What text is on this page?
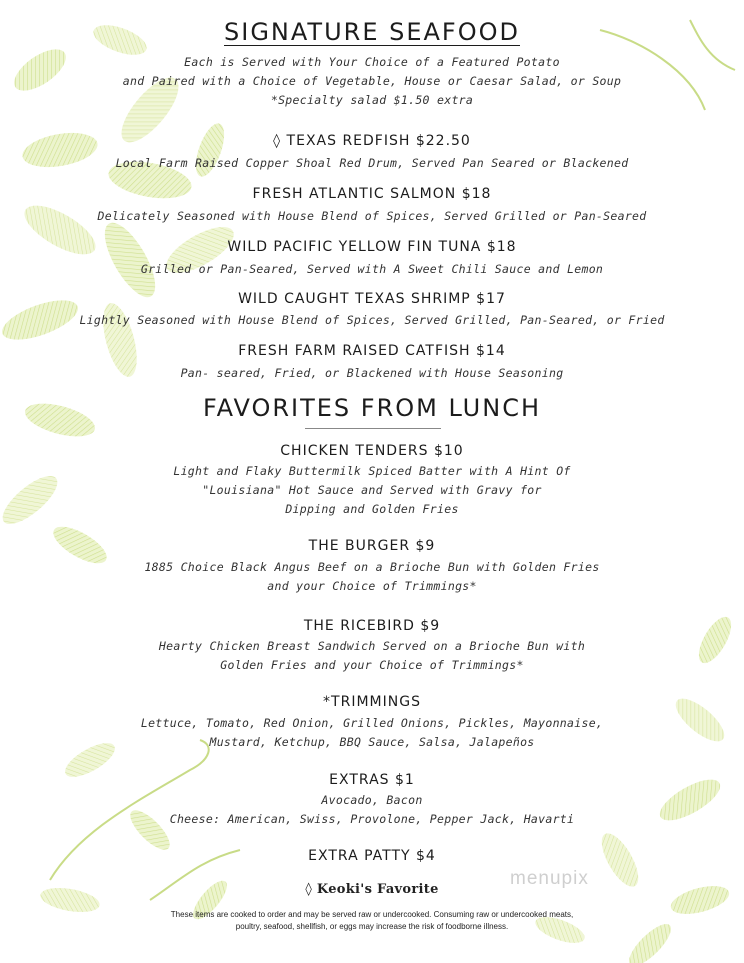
SIGNATURE SEAFOOD
Each is Served with Your Choice of a Featured Potato
and Paired with a Choice of Vegetable, House or Caesar Salad, or Soup
*Specialty salad $1.50 extra
◊ TEXAS REDFISH $22.50
Local Farm Raised Copper Shoal Red Drum, Served Pan Seared or Blackened
FRESH ATLANTIC SALMON $18
Delicately Seasoned with House Blend of Spices, Served Grilled or Pan-Seared
WILD PACIFIC YELLOW FIN TUNA $18
Grilled or Pan-Seared, Served with A Sweet Chili Sauce and Lemon
WILD CAUGHT TEXAS SHRIMP $17
Lightly Seasoned with House Blend of Spices, Served Grilled, Pan-Seared, or Fried
FRESH FARM RAISED CATFISH $14
Pan- seared, Fried, or Blackened with House Seasoning
FAVORITES FROM LUNCH
CHICKEN TENDERS $10
Light and Flaky Buttermilk Spiced Batter with A Hint Of
"Louisiana" Hot Sauce and Served with Gravy for
Dipping and Golden Fries
THE BURGER $9
1885 Choice Black Angus Beef on a Brioche Bun with Golden Fries
and your Choice of Trimmings*
THE RICEBIRD $9
Hearty Chicken Breast Sandwich Served on a Brioche Bun with
Golden Fries and your Choice of Trimmings*
*TRIMMINGS
Lettuce, Tomato, Red Onion, Grilled Onions, Pickles, Mayonnaise,
Mustard, Ketchup, BBQ Sauce, Salsa, Jalapeños
EXTRAS $1
Avocado, Bacon
Cheese: American, Swiss, Provolone, Pepper Jack, Havarti
EXTRA PATTY $4
◊ Keoki's Favorite
These items are cooked to order and may be served raw or undercooked. Consuming raw or undercooked meats,
poultry, seafood, shellfish, or eggs may increase the risk of foodborne illness.
menupix
